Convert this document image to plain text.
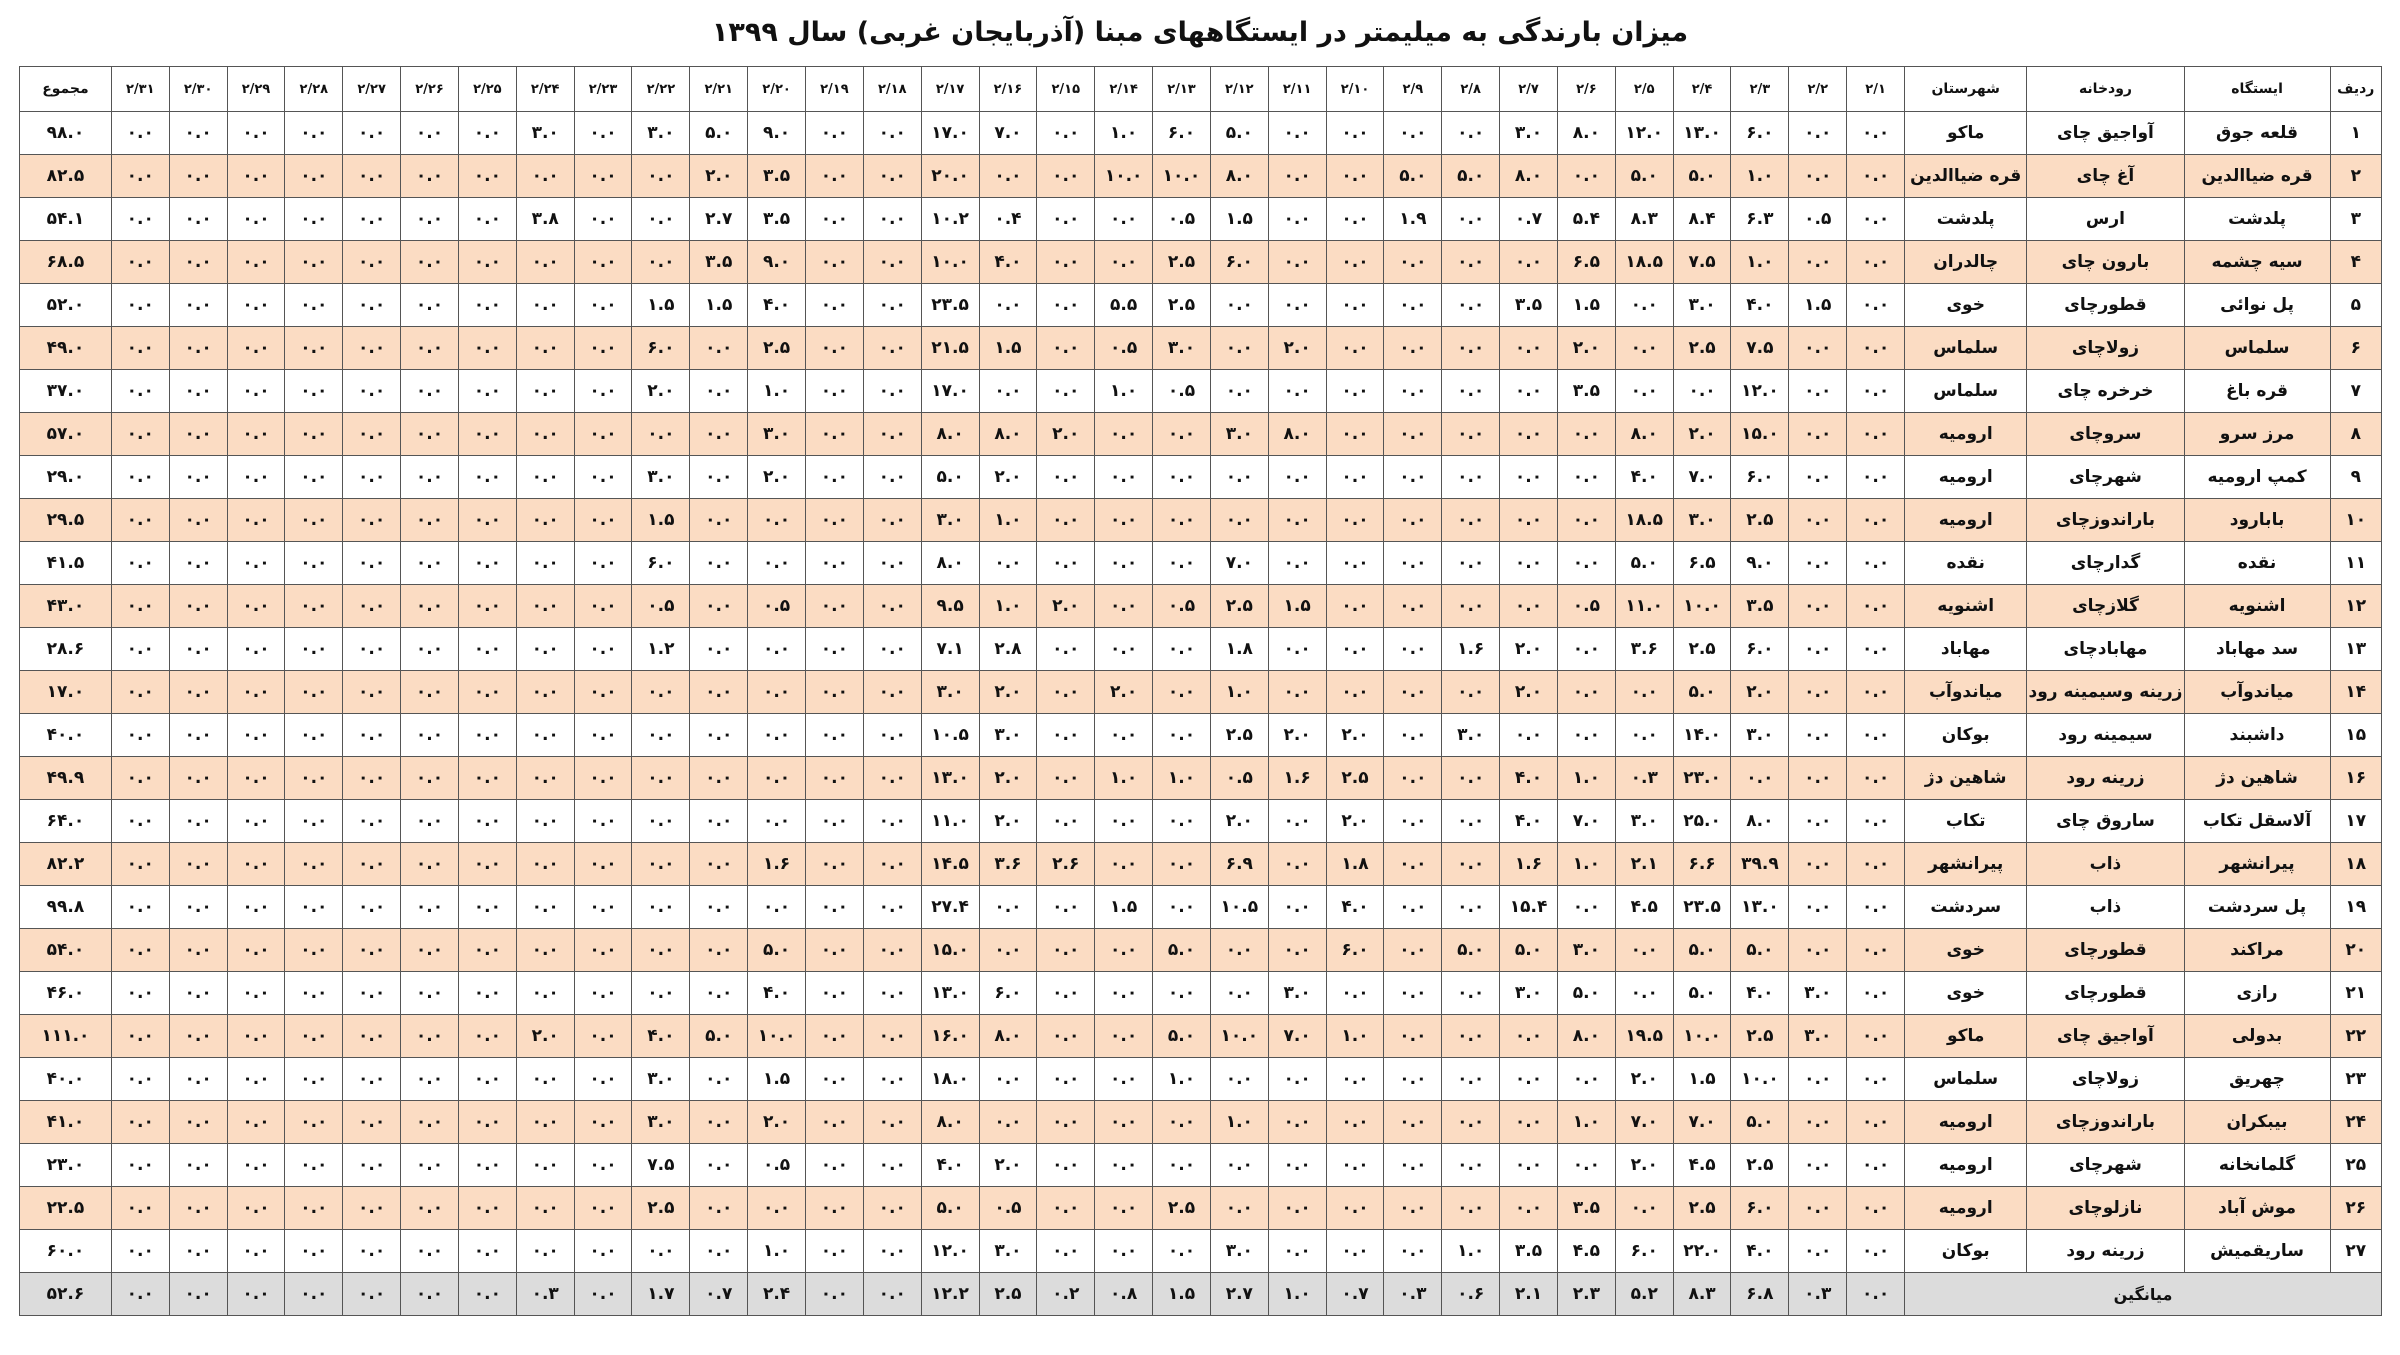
میزان بارندگی به میلیمتر در ایستگاههای مبنا (آذربایجان غربی) سال ۱۳۹۹
ردیف	ایستگاه	رودخانه	شهرستان	۲/۱	۲/۲	۲/۳	۲/۴	۲/۵	۲/۶	۲/۷	۲/۸	۲/۹	۲/۱۰	۲/۱۱	۲/۱۲	۲/۱۳	۲/۱۴	۲/۱۵	۲/۱۶	۲/۱۷	۲/۱۸	۲/۱۹	۲/۲۰	۲/۲۱	۲/۲۲	۲/۲۳	۲/۲۴	۲/۲۵	۲/۲۶	۲/۲۷	۲/۲۸	۲/۲۹	۲/۳۰	۲/۳۱	مجموع
۱	قلعه جوق	آواجیق چای	ماکو	۰.۰	۰.۰	۶.۰	۱۳.۰	۱۲.۰	۸.۰	۳.۰	۰.۰	۰.۰	۰.۰	۰.۰	۵.۰	۶.۰	۱.۰	۰.۰	۷.۰	۱۷.۰	۰.۰	۰.۰	۹.۰	۵.۰	۳.۰	۰.۰	۳.۰	۰.۰	۰.۰	۰.۰	۰.۰	۰.۰	۰.۰	۰.۰	۹۸.۰
۲	قره ضیاالدین	آغ چای	قره ضیاالدین	۰.۰	۰.۰	۱.۰	۵.۰	۵.۰	۰.۰	۸.۰	۵.۰	۵.۰	۰.۰	۰.۰	۸.۰	۱۰.۰	۱۰.۰	۰.۰	۰.۰	۲۰.۰	۰.۰	۰.۰	۳.۵	۲.۰	۰.۰	۰.۰	۰.۰	۰.۰	۰.۰	۰.۰	۰.۰	۰.۰	۰.۰	۰.۰	۸۲.۵
۳	پلدشت	ارس	پلدشت	۰.۰	۰.۵	۶.۳	۸.۴	۸.۳	۵.۴	۰.۷	۰.۰	۱.۹	۰.۰	۰.۰	۱.۵	۰.۵	۰.۰	۰.۰	۰.۴	۱۰.۲	۰.۰	۰.۰	۳.۵	۲.۷	۰.۰	۰.۰	۳.۸	۰.۰	۰.۰	۰.۰	۰.۰	۰.۰	۰.۰	۰.۰	۵۴.۱
۴	سیه چشمه	بارون چای	چالدران	۰.۰	۰.۰	۱.۰	۷.۵	۱۸.۵	۶.۵	۰.۰	۰.۰	۰.۰	۰.۰	۰.۰	۶.۰	۲.۵	۰.۰	۰.۰	۴.۰	۱۰.۰	۰.۰	۰.۰	۹.۰	۳.۵	۰.۰	۰.۰	۰.۰	۰.۰	۰.۰	۰.۰	۰.۰	۰.۰	۰.۰	۰.۰	۶۸.۵
۵	پل نوائی	قطورچای	خوی	۰.۰	۱.۵	۴.۰	۳.۰	۰.۰	۱.۵	۳.۵	۰.۰	۰.۰	۰.۰	۰.۰	۰.۰	۲.۵	۵.۵	۰.۰	۰.۰	۲۳.۵	۰.۰	۰.۰	۴.۰	۱.۵	۱.۵	۰.۰	۰.۰	۰.۰	۰.۰	۰.۰	۰.۰	۰.۰	۰.۰	۰.۰	۵۲.۰
۶	سلماس	زولاچای	سلماس	۰.۰	۰.۰	۷.۵	۲.۵	۰.۰	۲.۰	۰.۰	۰.۰	۰.۰	۰.۰	۲.۰	۰.۰	۳.۰	۰.۵	۰.۰	۱.۵	۲۱.۵	۰.۰	۰.۰	۲.۵	۰.۰	۶.۰	۰.۰	۰.۰	۰.۰	۰.۰	۰.۰	۰.۰	۰.۰	۰.۰	۰.۰	۴۹.۰
۷	قره باغ	خرخره چای	سلماس	۰.۰	۰.۰	۱۲.۰	۰.۰	۰.۰	۳.۵	۰.۰	۰.۰	۰.۰	۰.۰	۰.۰	۰.۰	۰.۵	۱.۰	۰.۰	۰.۰	۱۷.۰	۰.۰	۰.۰	۱.۰	۰.۰	۲.۰	۰.۰	۰.۰	۰.۰	۰.۰	۰.۰	۰.۰	۰.۰	۰.۰	۰.۰	۳۷.۰
۸	مرز سرو	سروچای	ارومیه	۰.۰	۰.۰	۱۵.۰	۲.۰	۸.۰	۰.۰	۰.۰	۰.۰	۰.۰	۰.۰	۸.۰	۳.۰	۰.۰	۰.۰	۲.۰	۸.۰	۸.۰	۰.۰	۰.۰	۳.۰	۰.۰	۰.۰	۰.۰	۰.۰	۰.۰	۰.۰	۰.۰	۰.۰	۰.۰	۰.۰	۰.۰	۵۷.۰
۹	کمپ ارومیه	شهرچای	ارومیه	۰.۰	۰.۰	۶.۰	۷.۰	۴.۰	۰.۰	۰.۰	۰.۰	۰.۰	۰.۰	۰.۰	۰.۰	۰.۰	۰.۰	۰.۰	۲.۰	۵.۰	۰.۰	۰.۰	۲.۰	۰.۰	۳.۰	۰.۰	۰.۰	۰.۰	۰.۰	۰.۰	۰.۰	۰.۰	۰.۰	۰.۰	۲۹.۰
۱۰	بابارود	باراندوزچای	ارومیه	۰.۰	۰.۰	۲.۵	۳.۰	۱۸.۵	۰.۰	۰.۰	۰.۰	۰.۰	۰.۰	۰.۰	۰.۰	۰.۰	۰.۰	۰.۰	۱.۰	۳.۰	۰.۰	۰.۰	۰.۰	۰.۰	۱.۵	۰.۰	۰.۰	۰.۰	۰.۰	۰.۰	۰.۰	۰.۰	۰.۰	۰.۰	۲۹.۵
۱۱	نقده	گدارچای	نقده	۰.۰	۰.۰	۹.۰	۶.۵	۵.۰	۰.۰	۰.۰	۰.۰	۰.۰	۰.۰	۰.۰	۷.۰	۰.۰	۰.۰	۰.۰	۰.۰	۸.۰	۰.۰	۰.۰	۰.۰	۰.۰	۶.۰	۰.۰	۰.۰	۰.۰	۰.۰	۰.۰	۰.۰	۰.۰	۰.۰	۰.۰	۴۱.۵
۱۲	اشنویه	گلازچای	اشنویه	۰.۰	۰.۰	۳.۵	۱۰.۰	۱۱.۰	۰.۵	۰.۰	۰.۰	۰.۰	۰.۰	۱.۵	۲.۵	۰.۵	۰.۰	۲.۰	۱.۰	۹.۵	۰.۰	۰.۰	۰.۵	۰.۰	۰.۵	۰.۰	۰.۰	۰.۰	۰.۰	۰.۰	۰.۰	۰.۰	۰.۰	۰.۰	۴۳.۰
۱۳	سد مهاباد	مهابادچای	مهاباد	۰.۰	۰.۰	۶.۰	۲.۵	۳.۶	۰.۰	۲.۰	۱.۶	۰.۰	۰.۰	۰.۰	۱.۸	۰.۰	۰.۰	۰.۰	۲.۸	۷.۱	۰.۰	۰.۰	۰.۰	۰.۰	۱.۲	۰.۰	۰.۰	۰.۰	۰.۰	۰.۰	۰.۰	۰.۰	۰.۰	۰.۰	۲۸.۶
۱۴	میاندوآب	زرینه وسیمینه رود	میاندوآب	۰.۰	۰.۰	۲.۰	۵.۰	۰.۰	۰.۰	۲.۰	۰.۰	۰.۰	۰.۰	۰.۰	۱.۰	۰.۰	۲.۰	۰.۰	۲.۰	۳.۰	۰.۰	۰.۰	۰.۰	۰.۰	۰.۰	۰.۰	۰.۰	۰.۰	۰.۰	۰.۰	۰.۰	۰.۰	۰.۰	۰.۰	۱۷.۰
۱۵	داشبند	سیمینه رود	بوکان	۰.۰	۰.۰	۳.۰	۱۴.۰	۰.۰	۰.۰	۰.۰	۳.۰	۰.۰	۲.۰	۲.۰	۲.۵	۰.۰	۰.۰	۰.۰	۳.۰	۱۰.۵	۰.۰	۰.۰	۰.۰	۰.۰	۰.۰	۰.۰	۰.۰	۰.۰	۰.۰	۰.۰	۰.۰	۰.۰	۰.۰	۰.۰	۴۰.۰
۱۶	شاهین دژ	زرینه رود	شاهین دژ	۰.۰	۰.۰	۰.۰	۲۳.۰	۰.۳	۱.۰	۴.۰	۰.۰	۰.۰	۲.۵	۱.۶	۰.۵	۱.۰	۱.۰	۰.۰	۲.۰	۱۳.۰	۰.۰	۰.۰	۰.۰	۰.۰	۰.۰	۰.۰	۰.۰	۰.۰	۰.۰	۰.۰	۰.۰	۰.۰	۰.۰	۰.۰	۴۹.۹
۱۷	آلاسقل تکاب	ساروق چای	تکاب	۰.۰	۰.۰	۸.۰	۲۵.۰	۳.۰	۷.۰	۴.۰	۰.۰	۰.۰	۲.۰	۰.۰	۲.۰	۰.۰	۰.۰	۰.۰	۲.۰	۱۱.۰	۰.۰	۰.۰	۰.۰	۰.۰	۰.۰	۰.۰	۰.۰	۰.۰	۰.۰	۰.۰	۰.۰	۰.۰	۰.۰	۰.۰	۶۴.۰
۱۸	پیرانشهر	ذاب	پیرانشهر	۰.۰	۰.۰	۳۹.۹	۶.۶	۲.۱	۱.۰	۱.۶	۰.۰	۰.۰	۱.۸	۰.۰	۶.۹	۰.۰	۰.۰	۲.۶	۳.۶	۱۴.۵	۰.۰	۰.۰	۱.۶	۰.۰	۰.۰	۰.۰	۰.۰	۰.۰	۰.۰	۰.۰	۰.۰	۰.۰	۰.۰	۰.۰	۸۲.۲
۱۹	پل سردشت	ذاب	سردشت	۰.۰	۰.۰	۱۳.۰	۲۳.۵	۴.۵	۰.۰	۱۵.۴	۰.۰	۰.۰	۴.۰	۰.۰	۱۰.۵	۰.۰	۱.۵	۰.۰	۰.۰	۲۷.۴	۰.۰	۰.۰	۰.۰	۰.۰	۰.۰	۰.۰	۰.۰	۰.۰	۰.۰	۰.۰	۰.۰	۰.۰	۰.۰	۰.۰	۹۹.۸
۲۰	مراکند	قطورچای	خوی	۰.۰	۰.۰	۵.۰	۵.۰	۰.۰	۳.۰	۵.۰	۵.۰	۰.۰	۶.۰	۰.۰	۰.۰	۵.۰	۰.۰	۰.۰	۰.۰	۱۵.۰	۰.۰	۰.۰	۵.۰	۰.۰	۰.۰	۰.۰	۰.۰	۰.۰	۰.۰	۰.۰	۰.۰	۰.۰	۰.۰	۰.۰	۵۴.۰
۲۱	رازی	قطورچای	خوی	۰.۰	۳.۰	۴.۰	۵.۰	۰.۰	۵.۰	۳.۰	۰.۰	۰.۰	۰.۰	۳.۰	۰.۰	۰.۰	۰.۰	۰.۰	۶.۰	۱۳.۰	۰.۰	۰.۰	۴.۰	۰.۰	۰.۰	۰.۰	۰.۰	۰.۰	۰.۰	۰.۰	۰.۰	۰.۰	۰.۰	۰.۰	۴۶.۰
۲۲	بدولی	آواجیق چای	ماکو	۰.۰	۳.۰	۲.۵	۱۰.۰	۱۹.۵	۸.۰	۰.۰	۰.۰	۰.۰	۱.۰	۷.۰	۱۰.۰	۵.۰	۰.۰	۰.۰	۸.۰	۱۶.۰	۰.۰	۰.۰	۱۰.۰	۵.۰	۴.۰	۰.۰	۲.۰	۰.۰	۰.۰	۰.۰	۰.۰	۰.۰	۰.۰	۰.۰	۱۱۱.۰
۲۳	چهریق	زولاچای	سلماس	۰.۰	۰.۰	۱۰.۰	۱.۵	۲.۰	۰.۰	۰.۰	۰.۰	۰.۰	۰.۰	۰.۰	۰.۰	۱.۰	۰.۰	۰.۰	۰.۰	۱۸.۰	۰.۰	۰.۰	۱.۵	۰.۰	۳.۰	۰.۰	۰.۰	۰.۰	۰.۰	۰.۰	۰.۰	۰.۰	۰.۰	۰.۰	۴۰.۰
۲۴	بیبکران	باراندوزچای	ارومیه	۰.۰	۰.۰	۵.۰	۷.۰	۷.۰	۱.۰	۰.۰	۰.۰	۰.۰	۰.۰	۰.۰	۱.۰	۰.۰	۰.۰	۰.۰	۰.۰	۸.۰	۰.۰	۰.۰	۲.۰	۰.۰	۳.۰	۰.۰	۰.۰	۰.۰	۰.۰	۰.۰	۰.۰	۰.۰	۰.۰	۰.۰	۴۱.۰
۲۵	گلمانخانه	شهرچای	ارومیه	۰.۰	۰.۰	۲.۵	۴.۵	۲.۰	۰.۰	۰.۰	۰.۰	۰.۰	۰.۰	۰.۰	۰.۰	۰.۰	۰.۰	۰.۰	۲.۰	۴.۰	۰.۰	۰.۰	۰.۵	۰.۰	۷.۵	۰.۰	۰.۰	۰.۰	۰.۰	۰.۰	۰.۰	۰.۰	۰.۰	۰.۰	۲۳.۰
۲۶	موش آباد	نازلوچای	ارومیه	۰.۰	۰.۰	۶.۰	۲.۵	۰.۰	۳.۵	۰.۰	۰.۰	۰.۰	۰.۰	۰.۰	۰.۰	۲.۵	۰.۰	۰.۰	۰.۵	۵.۰	۰.۰	۰.۰	۰.۰	۰.۰	۲.۵	۰.۰	۰.۰	۰.۰	۰.۰	۰.۰	۰.۰	۰.۰	۰.۰	۰.۰	۲۲.۵
۲۷	ساریقمیش	زرینه رود	بوکان	۰.۰	۰.۰	۴.۰	۲۲.۰	۶.۰	۴.۵	۳.۵	۱.۰	۰.۰	۰.۰	۰.۰	۳.۰	۰.۰	۰.۰	۰.۰	۳.۰	۱۲.۰	۰.۰	۰.۰	۱.۰	۰.۰	۰.۰	۰.۰	۰.۰	۰.۰	۰.۰	۰.۰	۰.۰	۰.۰	۰.۰	۰.۰	۶۰.۰
میانگین				۰.۰	۰.۳	۶.۸	۸.۳	۵.۲	۲.۳	۲.۱	۰.۶	۰.۳	۰.۷	۱.۰	۲.۷	۱.۵	۰.۸	۰.۲	۲.۵	۱۲.۲	۰.۰	۰.۰	۲.۴	۰.۷	۱.۷	۰.۰	۰.۳	۰.۰	۰.۰	۰.۰	۰.۰	۰.۰	۰.۰	۰.۰	۵۲.۶
